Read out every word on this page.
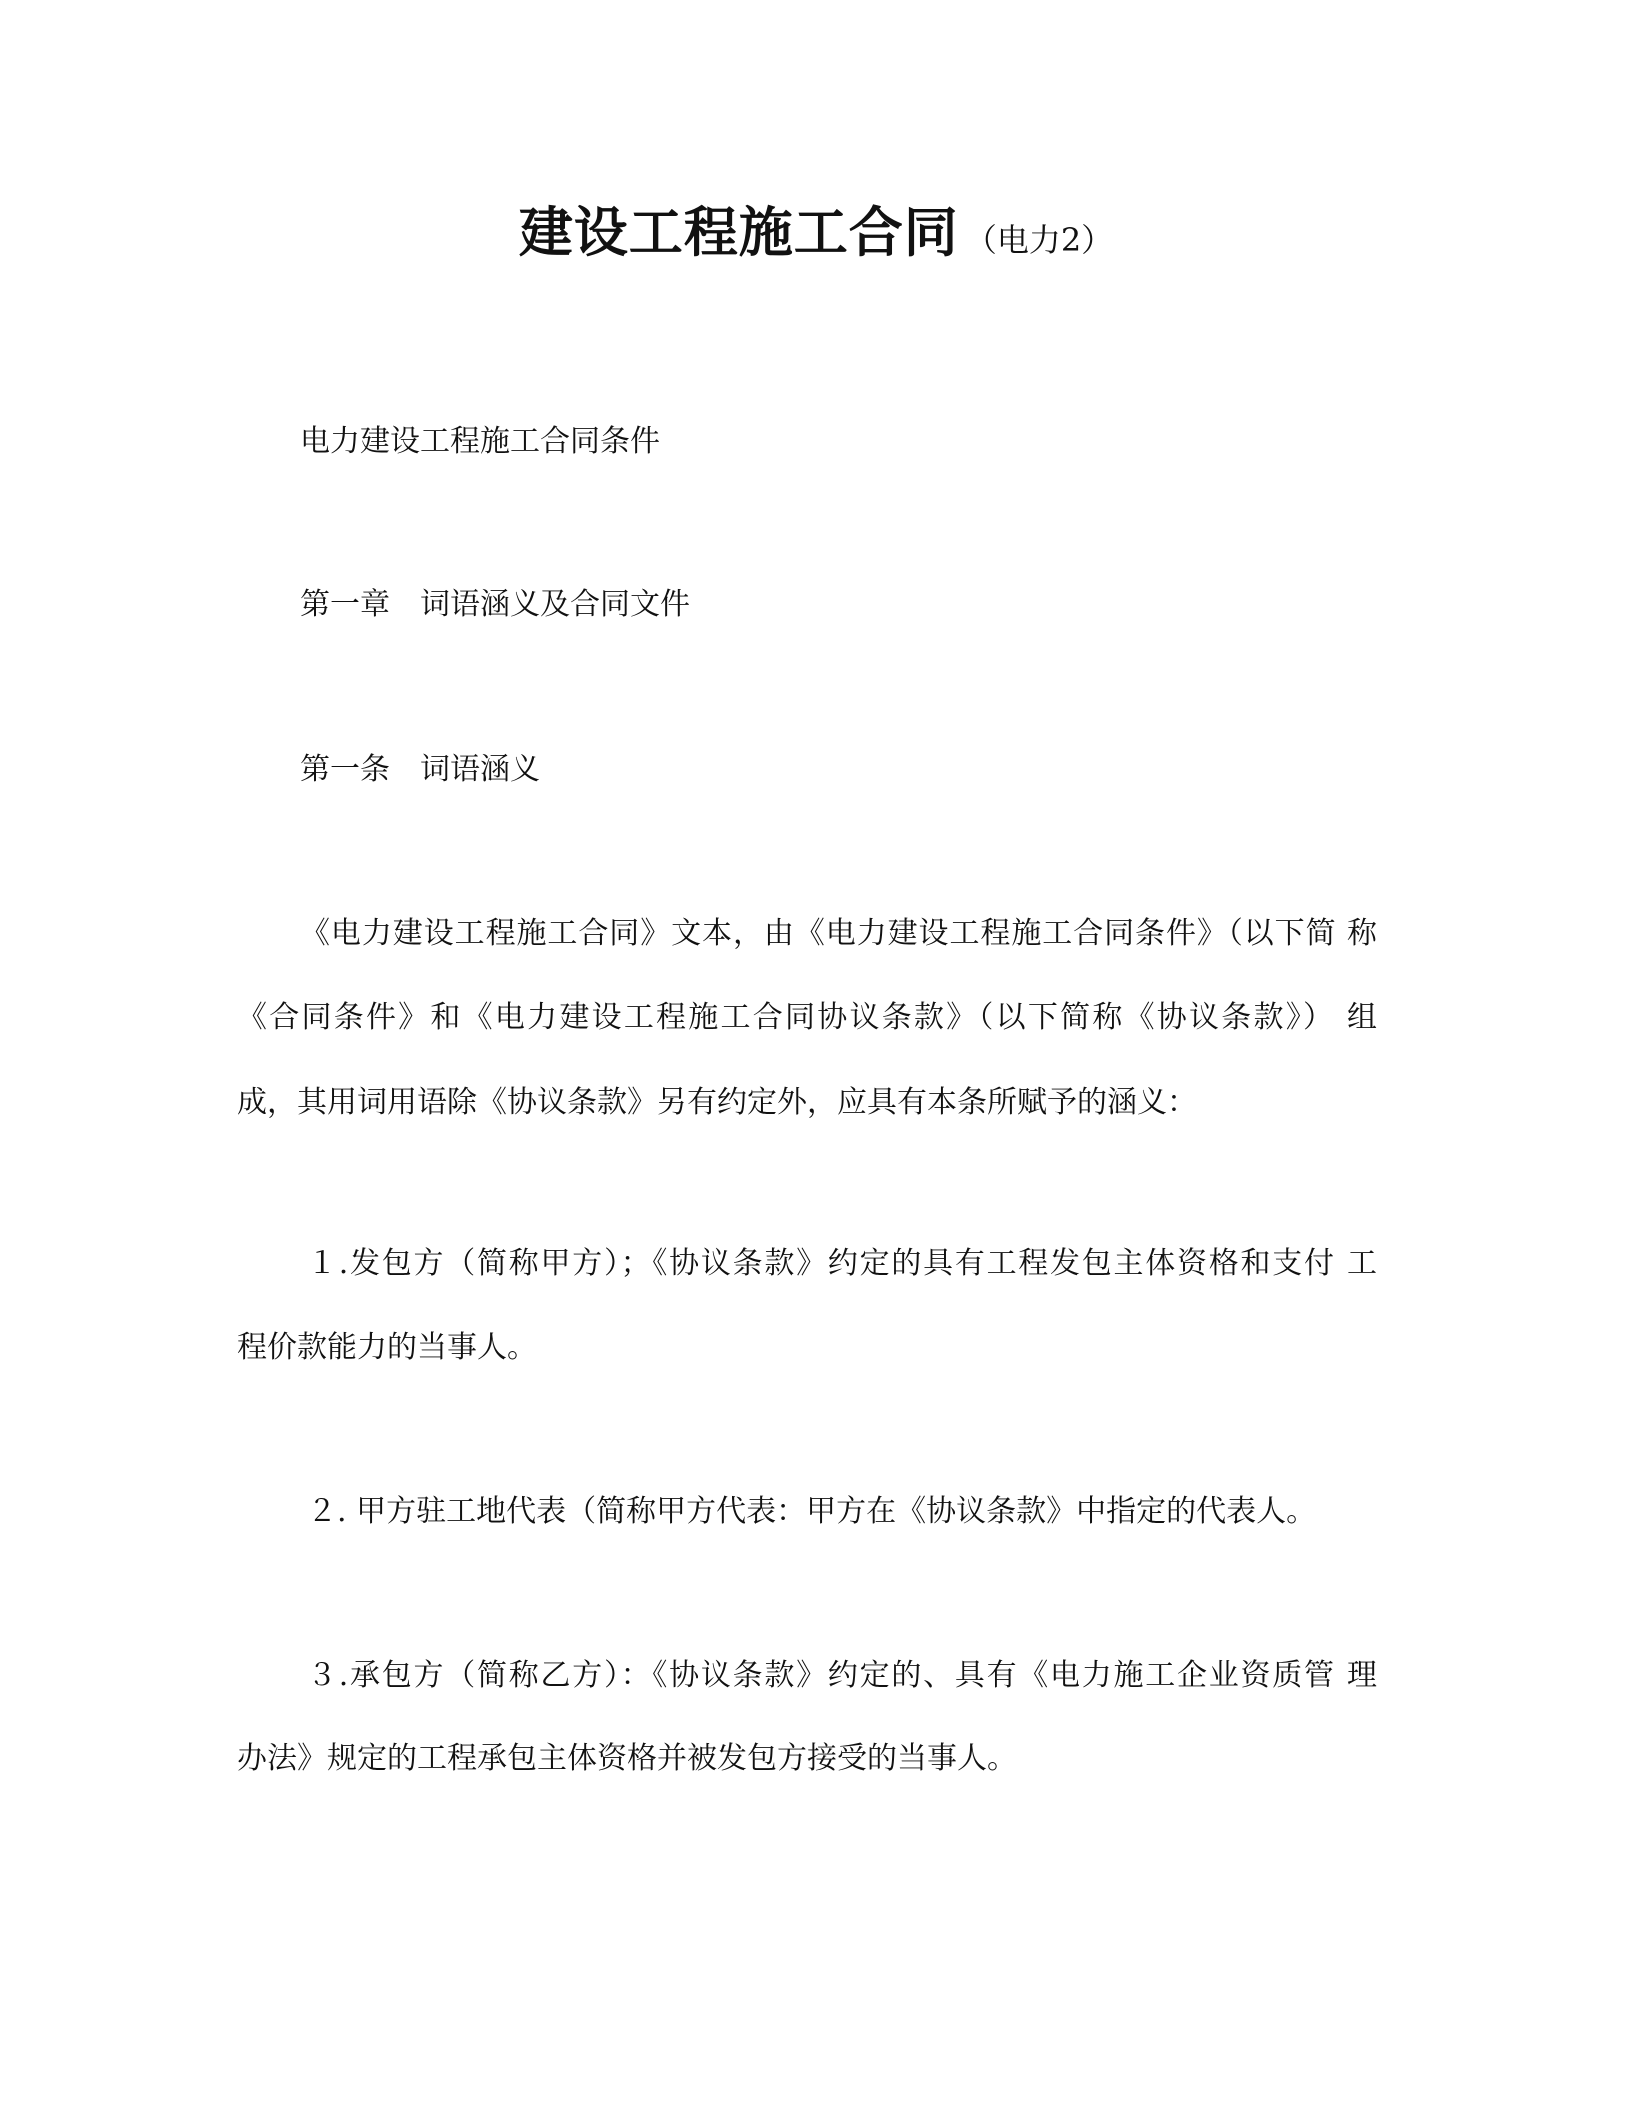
建设工程施工合同 （电力2）
电力建设工程施工合同条件
第一章　词语涵义及合同文件
第一条　词语涵义
《电力建设工程施工合同》文本，由《电力建设工程施工合同条件》（以下简 称
《合同条件》和《电力建设工程施工合同协议条款》（以下简称《协议条款》） 组
成，其用词用语除《协议条款》另有约定外，应具有本条所赋予的涵义：
１.发包方（简称甲方）；《协议条款》约定的具有工程发包主体资格和支付 工
程价款能力的当事人。
２. 甲方驻工地代表（简称甲方代表：甲方在《协议条款》中指定的代表人。
３.承包方（简称乙方）：《协议条款》约定的、具有《电力施工企业资质管 理
办法》规定的工程承包主体资格并被发包方接受的当事人。
